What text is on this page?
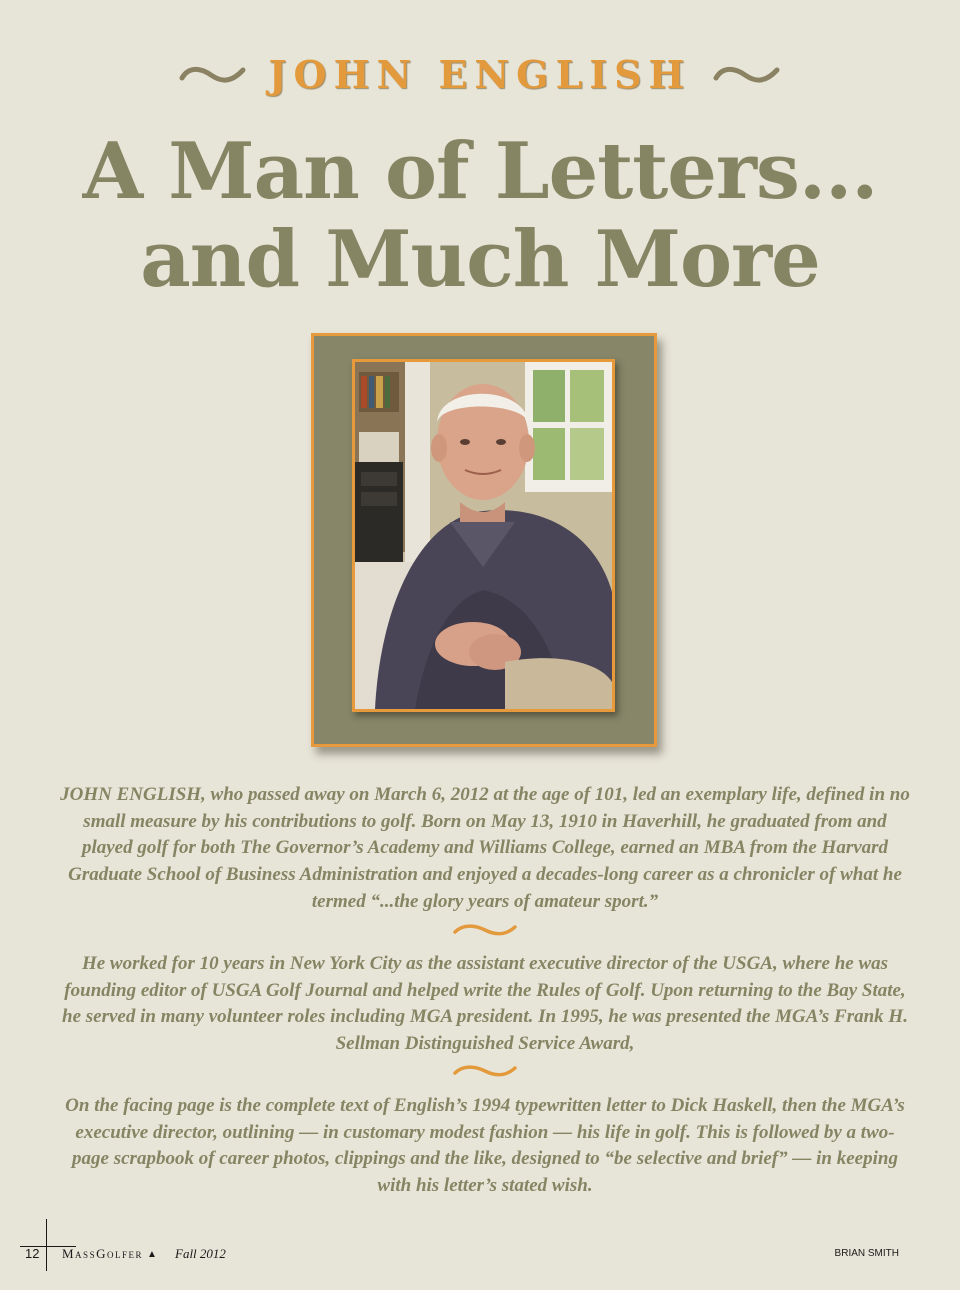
JOHN ENGLISH
A Man of Letters...
and Much More
JOHN ENGLISH, who passed away on March 6, 2012 at the age of 101, led an exemplary life, defined in no small measure by his contributions to golf. Born on May 13, 1910 in Haverhill, he graduated from and played golf for both The Governor’s Academy and Williams College, earned an MBA from the Harvard Graduate School of Business Administration and enjoyed a decades-long career as a chronicler of what he termed “...the glory years of amateur sport.”
He worked for 10 years in New York City as the assistant executive director of the USGA, where he was founding editor of USGA Golf Journal and helped write the Rules of Golf. Upon returning to the Bay State, he served in many volunteer roles including MGA president. In 1995, he was presented the MGA’s Frank H. Sellman Distinguished Service Award,
On the facing page is the complete text of English’s 1994 typewritten letter to Dick Haskell, then the MGA’s executive director, outlining — in customary modest fashion — his life in golf. This is followed by a two-page scrapbook of career photos, clippings and the like, designed to “be selective and brief” — in keeping with his letter’s stated wish.
12 MassGolfer ▲	Fall 2012	BRIAN SMITH
